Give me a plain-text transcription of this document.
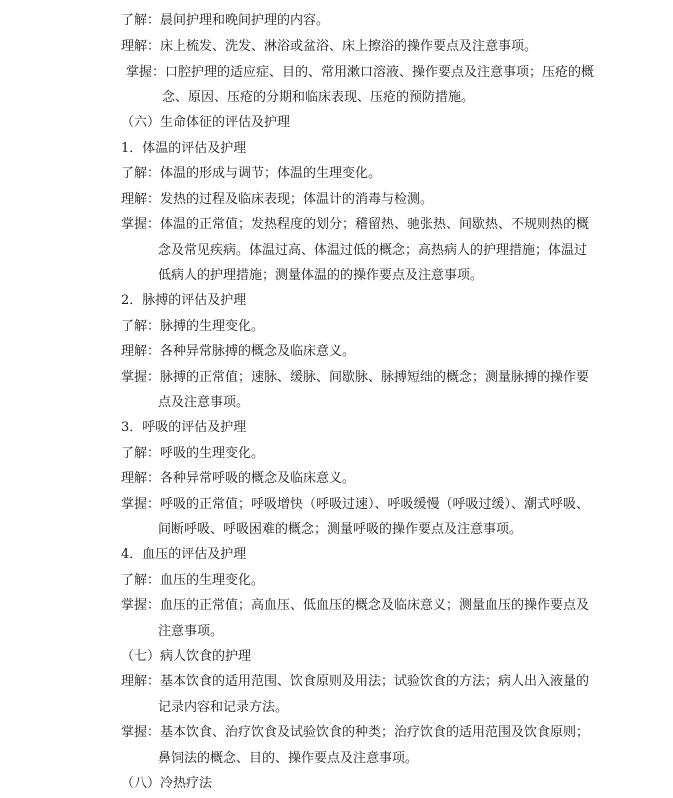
了解：晨间护理和晚间护理的内容。
理解：床上梳发、洗发、淋浴或盆浴、床上擦浴的操作要点及注意事项。
掌握：口腔护理的适应症、目的、常用漱口溶液、操作要点及注意事项；压疮的概
念、原因、压疮的分期和临床表现、压疮的预防措施。
（六）生命体征的评估及护理
1．体温的评估及护理
了解：体温的形成与调节；体温的生理变化。
理解：发热的过程及临床表现；体温计的消毒与检测。
掌握：体温的正常值；发热程度的划分；稽留热、驰张热、间歇热、不规则热的概
念及常见疾病。体温过高、体温过低的概念；高热病人的护理措施；体温过
低病人的护理措施；测量体温的的操作要点及注意事项。
2．脉搏的评估及护理
了解：脉搏的生理变化。
理解：各种异常脉搏的概念及临床意义。
掌握：脉搏的正常值；速脉、缓脉、间歇脉、脉搏短绌的概念；测量脉搏的操作要
点及注意事项。
3．呼吸的评估及护理
了解：呼吸的生理变化。
理解：各种异常呼吸的概念及临床意义。
掌握：呼吸的正常值；呼吸增快（呼吸过速）、呼吸缓慢（呼吸过缓）、潮式呼吸、
间断呼吸、呼吸困难的概念；测量呼吸的操作要点及注意事项。
4．血压的评估及护理
了解：血压的生理变化。
掌握：血压的正常值；高血压、低血压的概念及临床意义；测量血压的操作要点及
注意事项。
（七）病人饮食的护理
理解：基本饮食的适用范围、饮食原则及用法；试验饮食的方法；病人出入液量的
记录内容和记录方法。
掌握：基本饮食、治疗饮食及试验饮食的种类；治疗饮食的适用范围及饮食原则；
鼻饲法的概念、目的、操作要点及注意事项。
（八）冷热疗法
